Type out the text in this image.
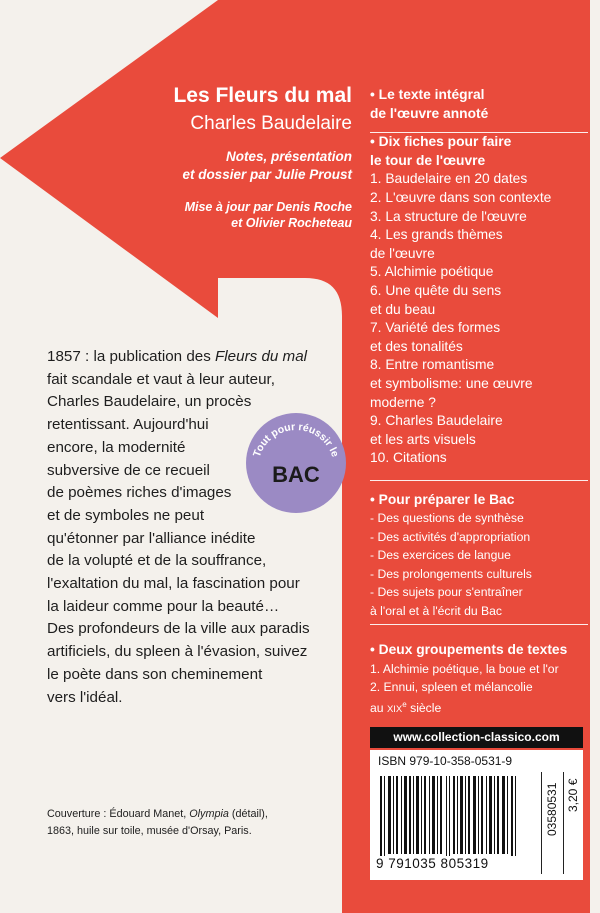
Les Fleurs du mal
Charles Baudelaire
Notes, présentation
et dossier par Julie Proust
Mise à jour par Denis Roche
et Olivier Rocheteau
• Le texte intégral
de l'œuvre annoté
• Dix fiches pour faire
le tour de l'œuvre
1. Baudelaire en 20 dates
2. L'œuvre dans son contexte
3. La structure de l'œuvre
4. Les grands thèmes
de l'œuvre
5. Alchimie poétique
6. Une quête du sens
et du beau
7. Variété des formes
et des tonalités
8. Entre romantisme
et symbolisme: une œuvre
moderne ?
9. Charles Baudelaire
et les arts visuels
10. Citations
• Pour préparer le Bac
- Des questions de synthèse
- Des activités d'appropriation
- Des exercices de langue
- Des prolongements culturels
- Des sujets pour s'entraîner
à l'oral et à l'écrit du Bac
• Deux groupements de textes
1. Alchimie poétique, la boue et l'or
2. Ennui, spleen et mélancolie
au XIXe siècle
1857 : la publication des Fleurs du mal
fait scandale et vaut à leur auteur,
Charles Baudelaire, un procès
retentissant. Aujourd'hui
encore, la modernité
subversive de ce recueil
de poèmes riches d'images
et de symboles ne peut
qu'étonner par l'alliance inédite
de la volupté et de la souffrance,
l'exaltation du mal, la fascination pour
la laideur comme pour la beauté…
Des profondeurs de la ville aux paradis
artificiels, du spleen à l'évasion, suivez
le poète dans son cheminement
vers l'idéal.
Tout pour réussir le
BAC
Couverture : Édouard Manet, Olympia (détail),
1863, huile sur toile, musée d'Orsay, Paris.
www.collection-classico.com
ISBN 979-10-358-0531-9
9 791035 805319
03580531 3,20 €
